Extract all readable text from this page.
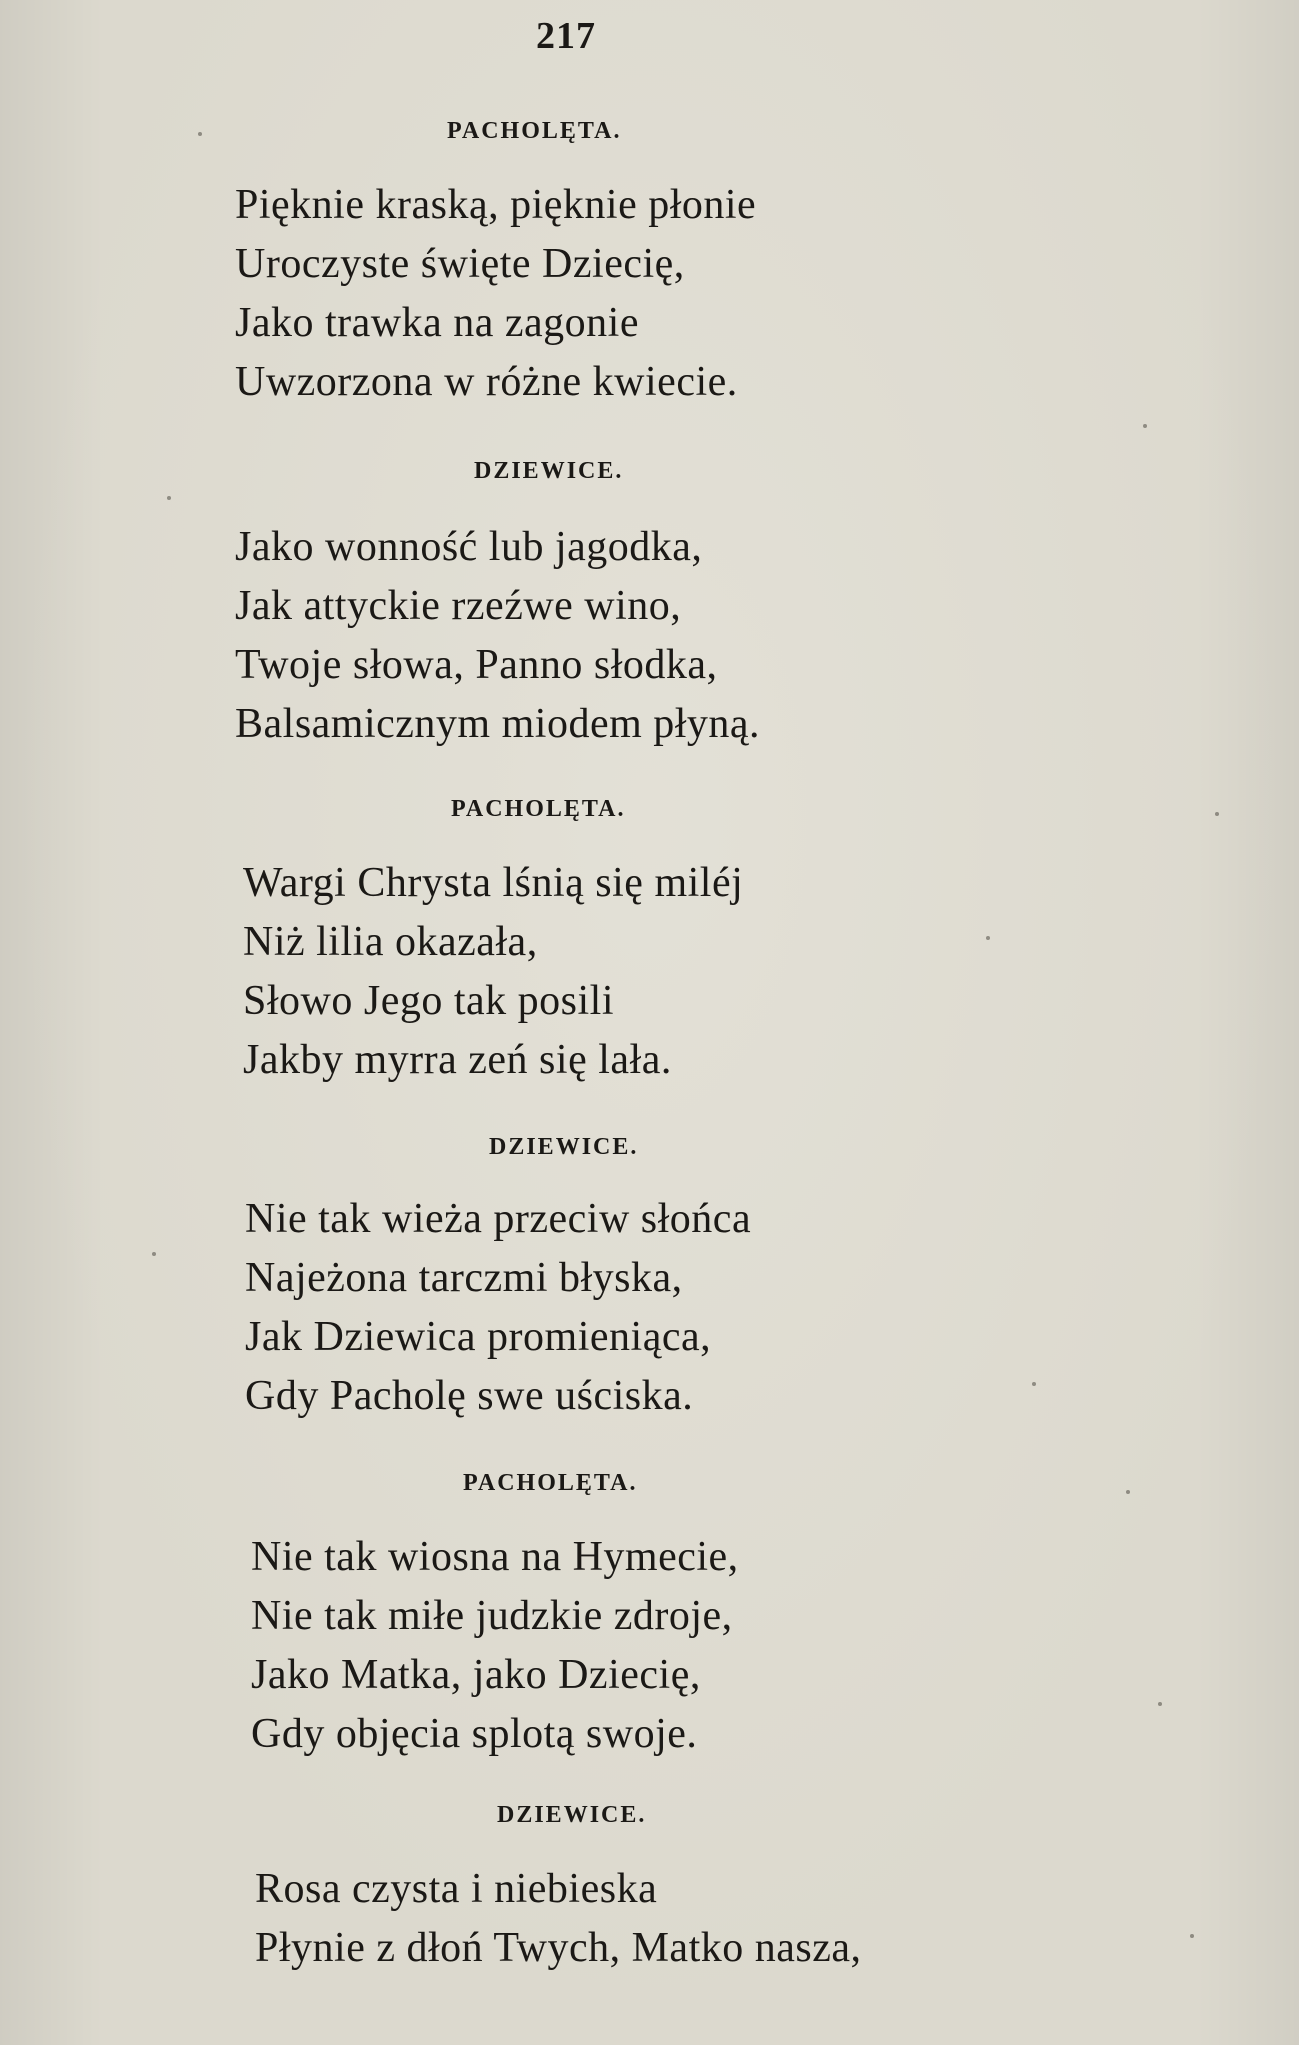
217
PACHOLĘTA.
Pięknie kraską, pięknie płonie
Uroczyste święte Dziecię,
Jako trawka na zagonie
Uwzorzona w różne kwiecie.
DZIEWICE.
Jako wonność lub jagodka,
Jak attyckie rzeźwe wino,
Twoje słowa, Panno słodka,
Balsamicznym miodem płyną.
PACHOLĘTA.
Wargi Chrysta lśnią się miléj
Niż lilia okazała,
Słowo Jego tak posili
Jakby myrra zeń się lała.
DZIEWICE.
Nie tak wieża przeciw słońca
Najeżona tarczmi błyska,
Jak Dziewica promieniąca,
Gdy Pacholę swe uściska.
PACHOLĘTA.
Nie tak wiosna na Hymecie,
Nie tak miłe judzkie zdroje,
Jako Matka, jako Dziecię,
Gdy objęcia splotą swoje.
DZIEWICE.
Rosa czysta i niebieska
Płynie z dłoń Twych, Matko nasza,
